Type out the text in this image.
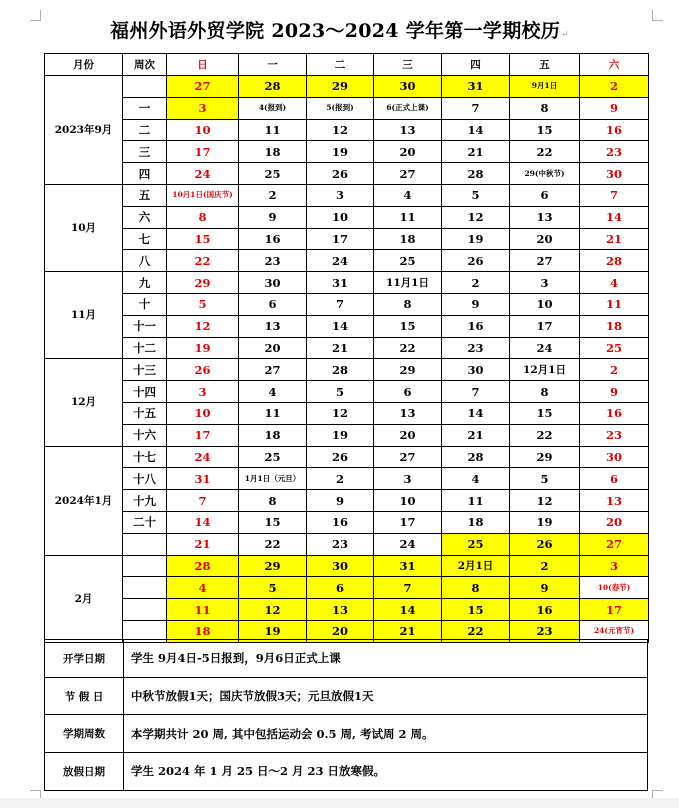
福州外语外贸学院 2023～2024 学年第一学期校历↵
月份	周次	日	一	二	三	四	五	六
2023年9月		27	28	29	30	31	9月1日	2
	一	3	4(报到)	5(报到)	6(正式上课)	7	8	9
	二	10	11	12	13	14	15	16
	三	17	18	19	20	21	22	23
	四	24	25	26	27	28	29(中秋节)	30
10月	五	10月1日(国庆节)	2	3	4	5	6	7
	六	8	9	10	11	12	13	14
	七	15	16	17	18	19	20	21
	八	22	23	24	25	26	27	28
11月	九	29	30	31	11月1日	2	3	4
	十	5	6	7	8	9	10	11
	十一	12	13	14	15	16	17	18
	十二	19	20	21	22	23	24	25
12月	十三	26	27	28	29	30	12月1日	2
	十四	3	4	5	6	7	8	9
	十五	10	11	12	13	14	15	16
	十六	17	18	19	20	21	22	23
2024年1月	十七	24	25	26	27	28	29	30
	十八	31	1月1日（元旦）	2	3	4	5	6
	十九	7	8	9	10	11	12	13
	二十	14	15	16	17	18	19	20
		21	22	23	24	25	26	27
2月		28	29	30	31	2月1日	2	3
		4	5	6	7	8	9	10(春节)
		11	12	13	14	15	16	17
		18	19	20	21	22	23	24(元宵节)
开学日期	学生 9月4日-5日报到，9月6日正式上课
节 假 日	中秋节放假1天；国庆节放假3天；元旦放假1天
学期周数	本学期共计 20 周, 其中包括运动会 0.5 周, 考试周 2 周。
放假日期	学生 2024 年 1 月 25 日～2 月 23 日放寒假。
